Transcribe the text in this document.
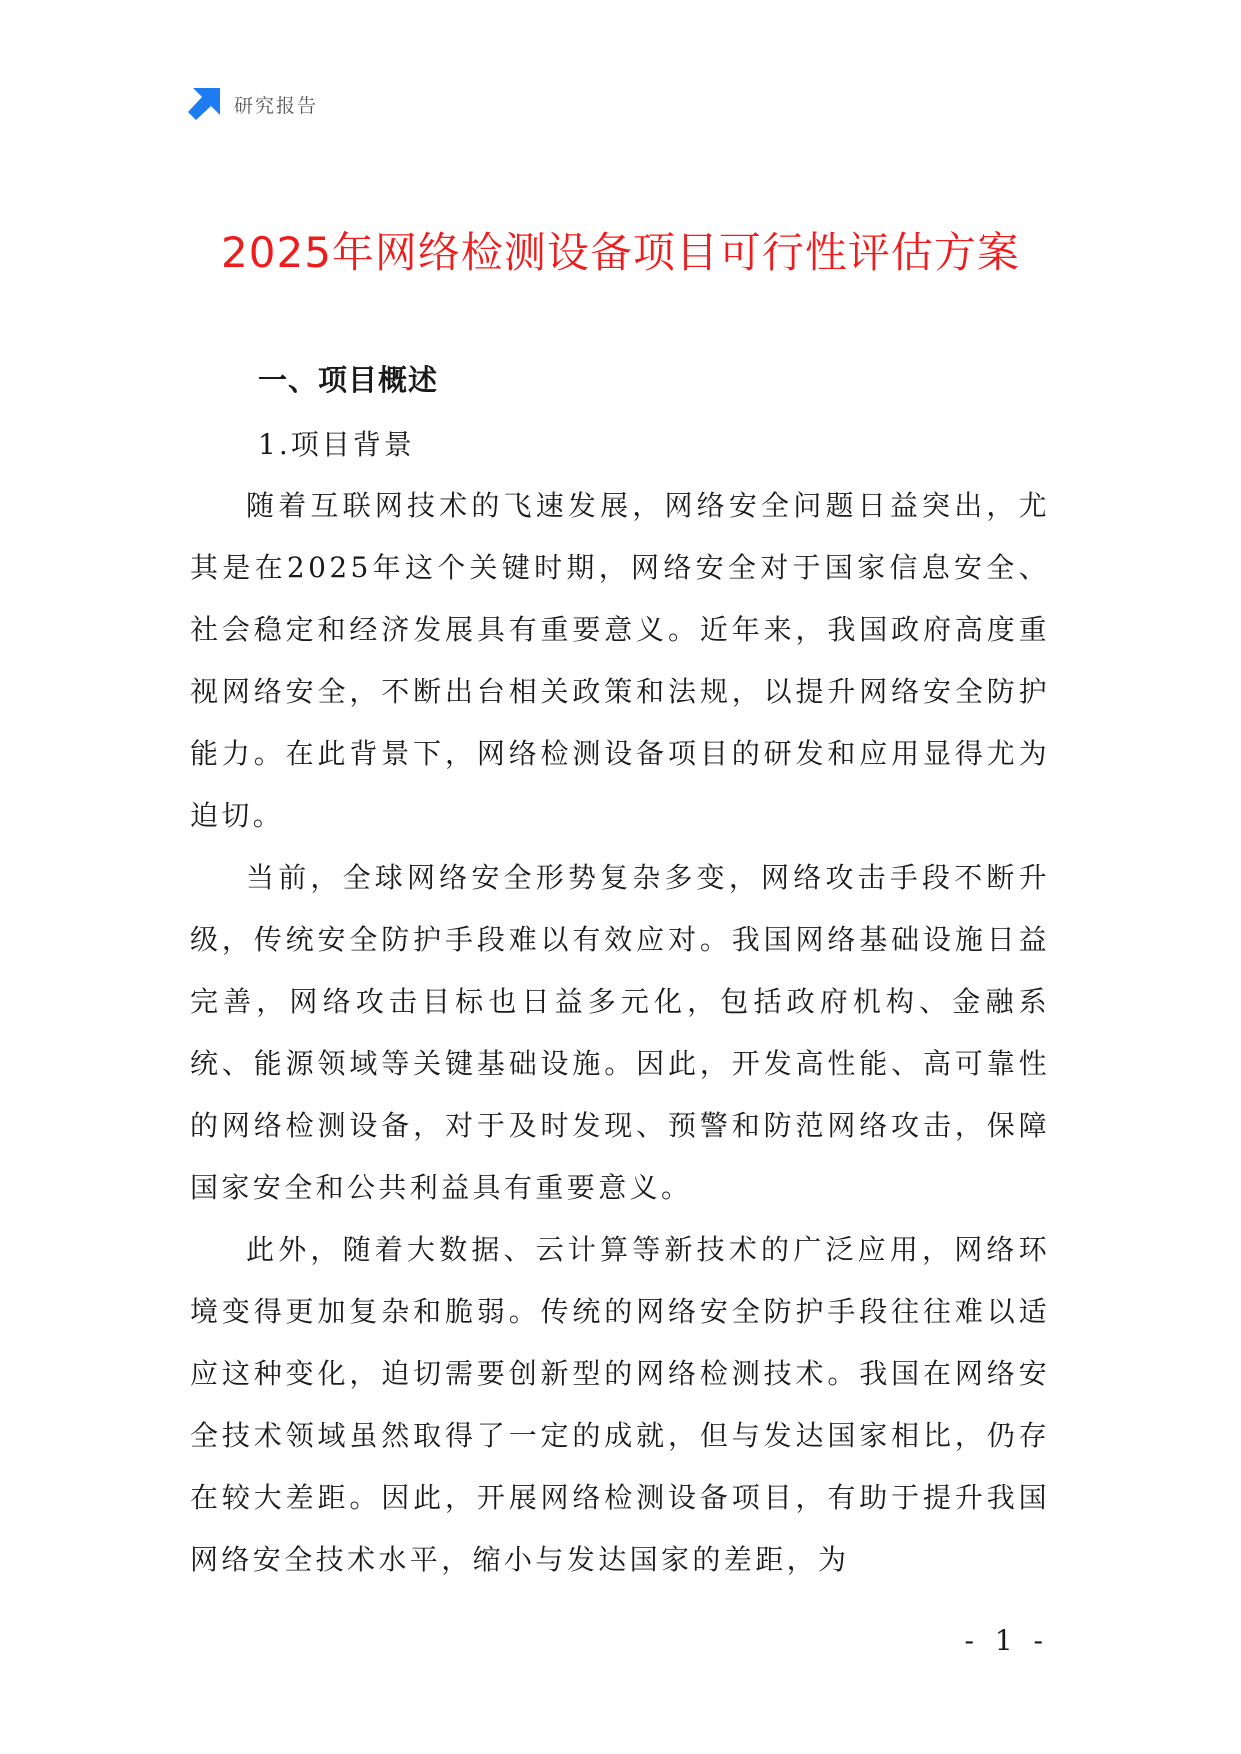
研究报告
2025年网络检测设备项目可行性评估方案
一、项目概述
1.项目背景

随着互联网技术的飞速发展，网络安全问题日益突出，尤其是在2025年这个关键时期，网络安全对于国家信息安全、社会稳定和经济发展具有重要意义。近年来，我国政府高度重视网络安全，不断出台相关政策和法规，以提升网络安全防护能力。在此背景下，网络检测设备项目的研发和应用显得尤为迫切。

当前，全球网络安全形势复杂多变，网络攻击手段不断升级，传统安全防护手段难以有效应对。我国网络基础设施日益完善，网络攻击目标也日益多元化，包括政府机构、金融系统、能源领域等关键基础设施。因此，开发高性能、高可靠性的网络检测设备，对于及时发现、预警和防范网络攻击，保障国家安全和公共利益具有重要意义。

此外，随着大数据、云计算等新技术的广泛应用，网络环境变得更加复杂和脆弱。传统的网络安全防护手段往往难以适应这种变化，迫切需要创新型的网络检测技术。我国在网络安全技术领域虽然取得了一定的成就，但与发达国家相比，仍存在较大差距。因此，开展网络检测设备项目，有助于提升我国网络安全技术水平，缩小与发达国家的差距，为

- 1 -
